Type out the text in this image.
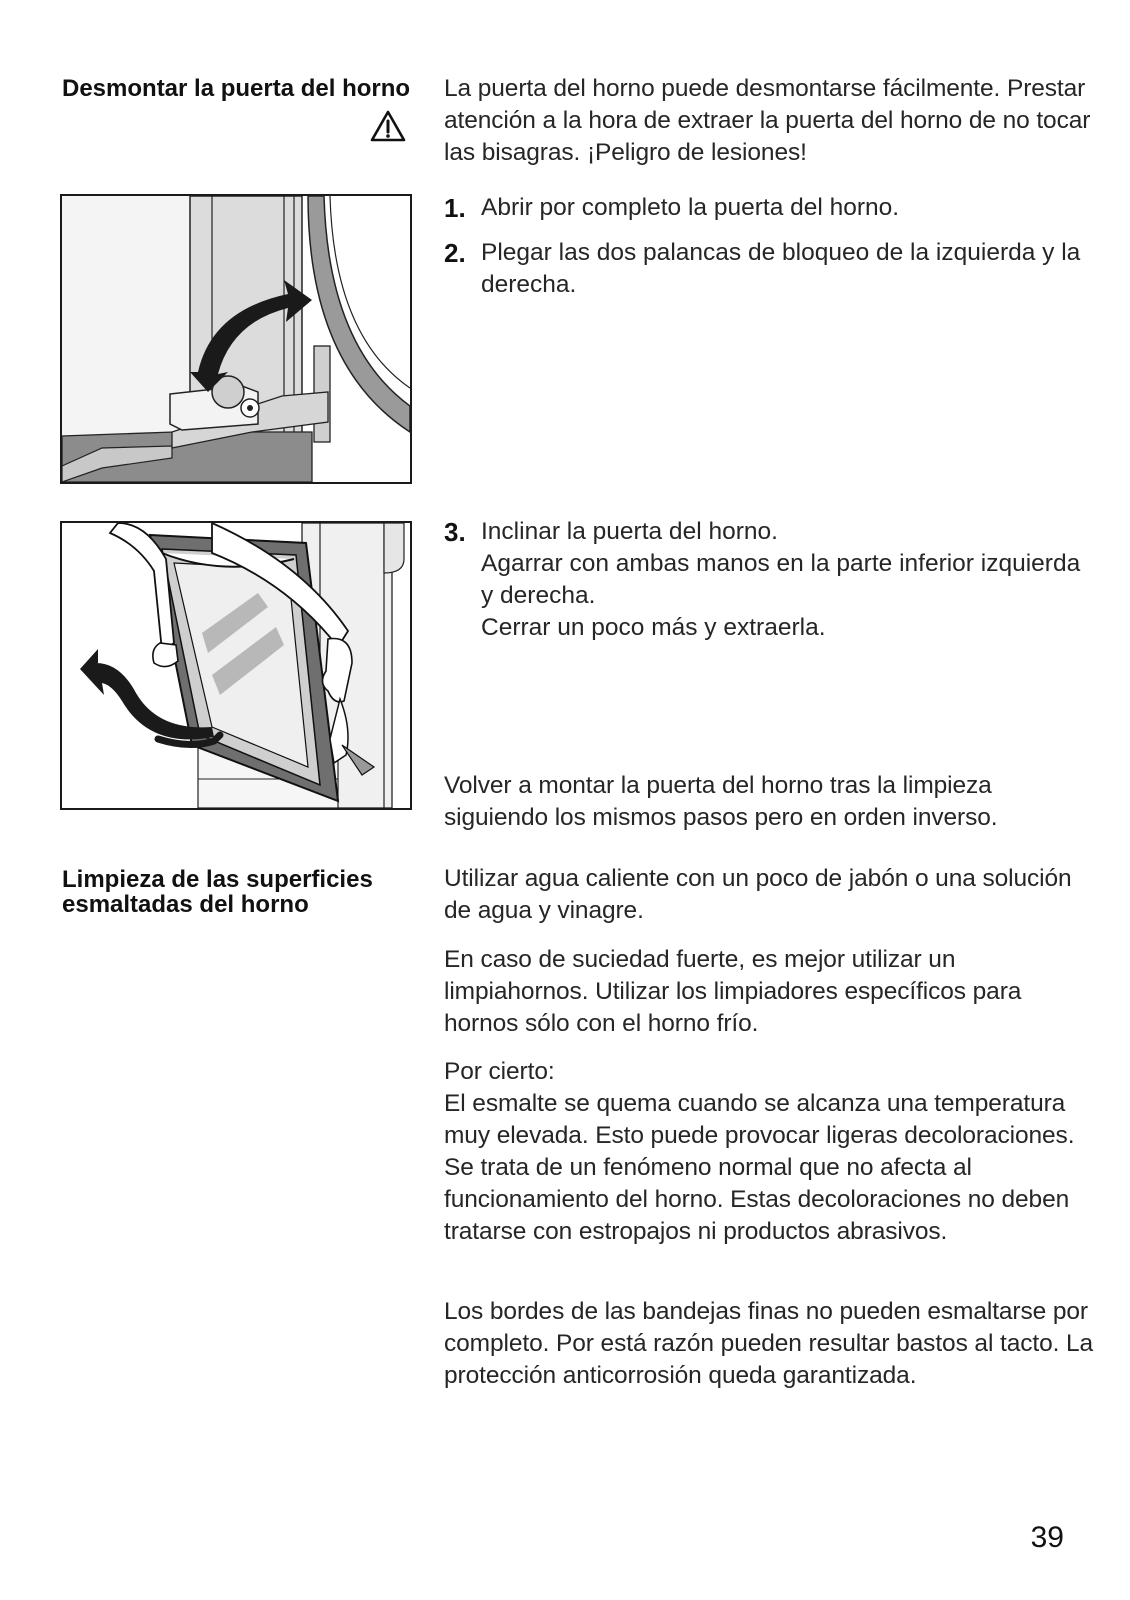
Desmontar la puerta del horno La puerta del horno puede desmontarse fácilmente. Prestar atención a la hora de extraer la puerta del horno de no tocar las bisagras. ¡Peligro de lesiones!

1. Abrir por completo la puerta del horno.
2. Plegar las dos palancas de bloqueo de la izquierda y la derecha.
3. Inclinar la puerta del horno.
Agarrar con ambas manos en la parte inferior izquierda y derecha.
Cerrar un poco más y extraerla.

Volver a montar la puerta del horno tras la limpieza siguiendo los mismos pasos pero en orden inverso.

Limpieza de las superficies esmaltadas del horno

Utilizar agua caliente con un poco de jabón o una solución de agua y vinagre.

En caso de suciedad fuerte, es mejor utilizar un limpiahornos. Utilizar los limpiadores específicos para hornos sólo con el horno frío.

Por cierto:

El esmalte se quema cuando se alcanza una temperatura muy elevada. Esto puede provocar ligeras decoloraciones. Se trata de un fenómeno normal que no afecta al funcionamiento del horno. Estas decoloraciones no deben tratarse con estropajos ni productos abrasivos.

Los bordes de las bandejas finas no pueden esmaltarse por completo. Por está razón pueden resultar bastos al tacto. La protección anticorrosión queda garantizada.

39
